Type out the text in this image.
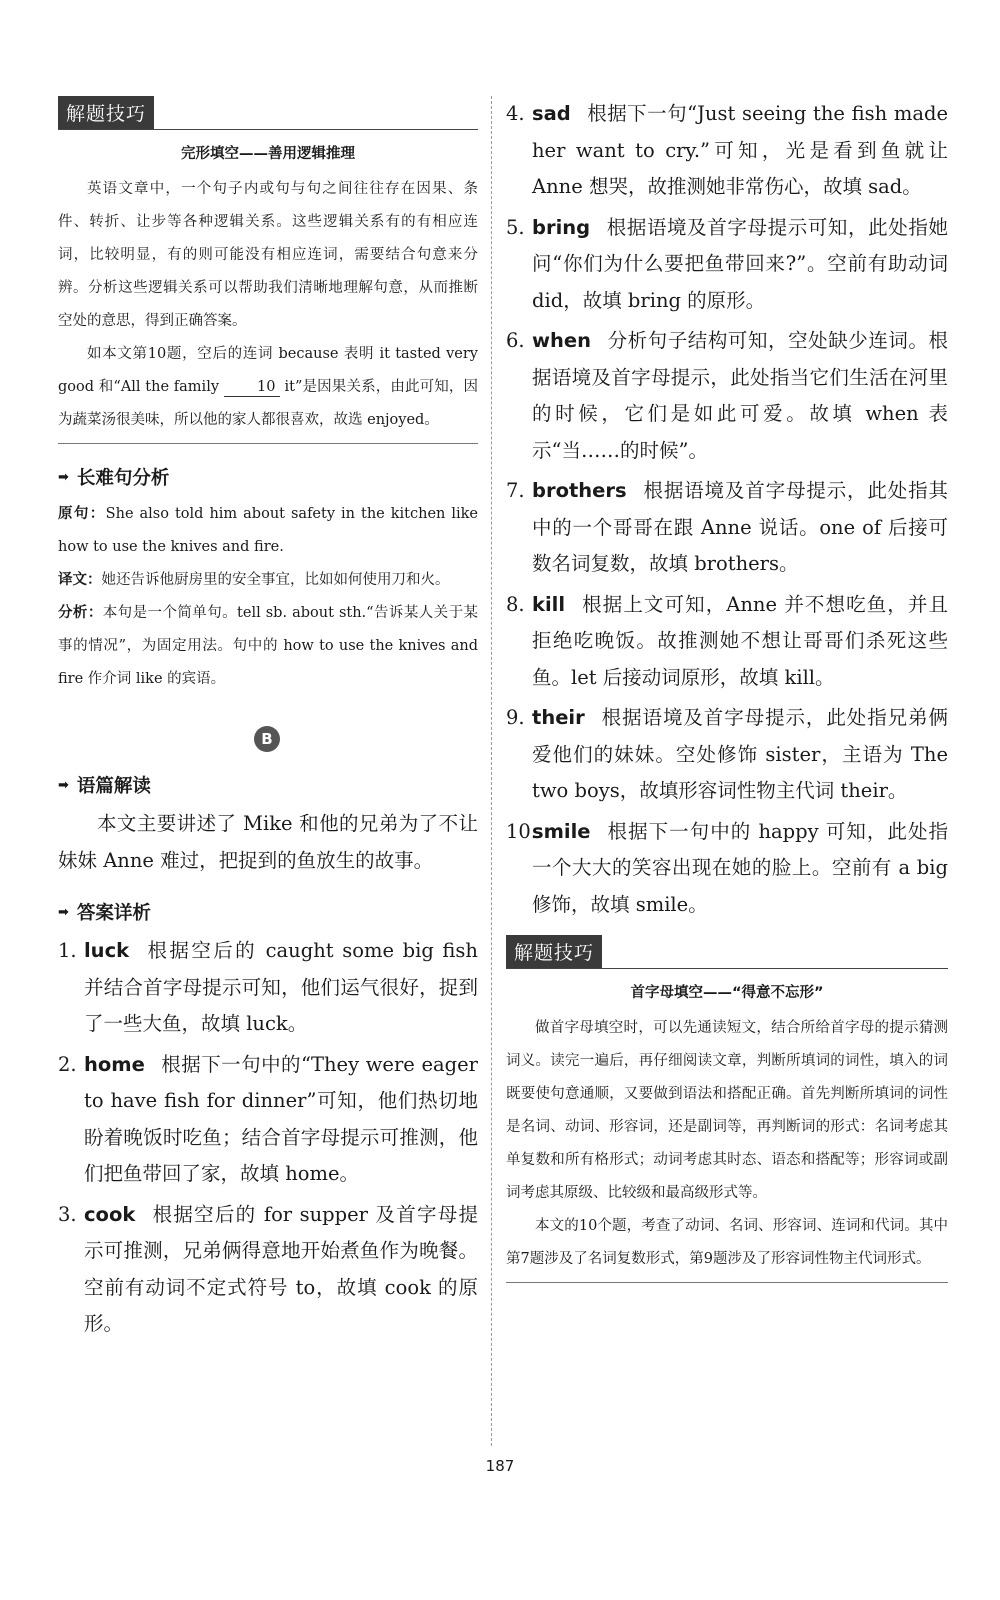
解题技巧
完形填空——善用逻辑推理

英语文章中，一个句子内或句与句之间往往存在因果、条件、转折、让步等各种逻辑关系。这些逻辑关系有的有相应连词，比较明显，有的则可能没有相应连词，需要结合句意来分辨。分析这些逻辑关系可以帮助我们清晰地理解句意，从而推断空处的意思，得到正确答案。

如本文第10题，空后的连词 because 表明 it tasted very good 和“All the family	10 it”是因果关系，由此可知，因为蔬菜汤很美味，所以他的家人都很喜欢，故选 enjoyed。

➡ 长难句分析

原句：She also told him about safety in the kitchen like how to use the knives and fire.

译文：她还告诉他厨房里的安全事宜，比如如何使用刀和火。

分析：本句是一个简单句。tell sb. about sth.“告诉某人关于某事的情况”，为固定用法。句中的 how to use the knives and fire 作介词 like 的宾语。

B
➡ 语篇解读

本文主要讲述了 Mike 和他的兄弟为了不让妹妹 Anne 难过，把捉到的鱼放生的故事。

➡ 答案详析
1. luck 根据空后的 caught some big fish 并结合首字母提示可知，他们运气很好，捉到了一些大鱼，故填 luck。
2. home 根据下一句中的“They were eager to have fish for dinner”可知，他们热切地盼着晚饭时吃鱼；结合首字母提示可推测，他们把鱼带回了家，故填 home。
3. cook 根据空后的 for supper 及首字母提示可推测，兄弟俩得意地开始煮鱼作为晚餐。空前有动词不定式符号 to，故填 cook 的原形。
4. sad 根据下一句“Just seeing the fish made her want to cry.”可知，光是看到鱼就让 Anne 想哭，故推测她非常伤心，故填 sad。
5. bring 根据语境及首字母提示可知，此处指她问“你们为什么要把鱼带回来?”。空前有助动词 did，故填 bring 的原形。
6. when 分析句子结构可知，空处缺少连词。根据语境及首字母提示，此处指当它们生活在河里的时候，它们是如此可爱。故填 when 表示“当……的时候”。
7. brothers 根据语境及首字母提示，此处指其中的一个哥哥在跟 Anne 说话。one of 后接可数名词复数，故填 brothers。
8. kill 根据上文可知，Anne 并不想吃鱼，并且拒绝吃晚饭。故推测她不想让哥哥们杀死这些鱼。let 后接动词原形，故填 kill。
9. their 根据语境及首字母提示，此处指兄弟俩爱他们的妹妹。空处修饰 sister，主语为 The two boys，故填形容词性物主代词 their。
10.
smile 根据下一句中的 happy 可知，此处指一个大大的笑容出现在她的脸上。空前有 a big 修饰，故填 smile。
解题技巧
首字母填空——“得意不忘形”

做首字母填空时，可以先通读短文，结合所给首字母的提示猜测词义。读完一遍后，再仔细阅读文章，判断所填词的词性，填入的词既要使句意通顺，又要做到语法和搭配正确。首先判断所填词的词性是名词、动词、形容词，还是副词等，再判断词的形式：名词考虑其单复数和所有格形式；动词考虑其时态、语态和搭配等；形容词或副词考虑其原级、比较级和最高级形式等。

本文的10个题，考查了动词、名词、形容词、连词和代词。其中第7题涉及了名词复数形式，第9题涉及了形容词性物主代词形式。

187
